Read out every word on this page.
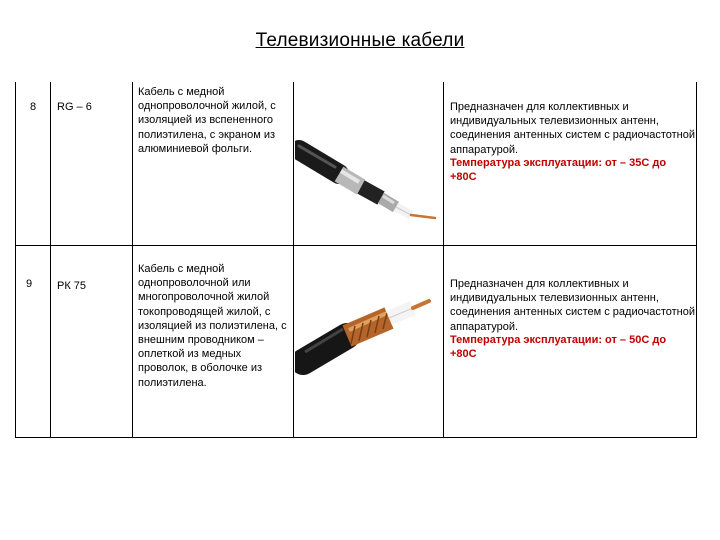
Телевизионные кабели
8	RG – 6
Кабель с медной однопроволочной жилой, с изоляцией из вспененного полиэтилена, с экраном из алюминиевой фольги.
Предназначен для коллективных и индивидуальных телевизионных антенн, соединения антенных систем с радиочастотной аппаратурой.
Температура эксплуатации: от – 35С до +80С
9	РК 75
Кабель с медной однопроволочной или многопроволочной жилой токопроводящей жилой, с изоляцией из полиэтилена, с внешним проводником – оплеткой из медных проволок, в оболочке из полиэтилена.
Предназначен для коллективных и индивидуальных телевизионных антенн, соединения антенных систем с радиочастотной аппаратурой.
Температура эксплуатации: от – 50С до +80С
